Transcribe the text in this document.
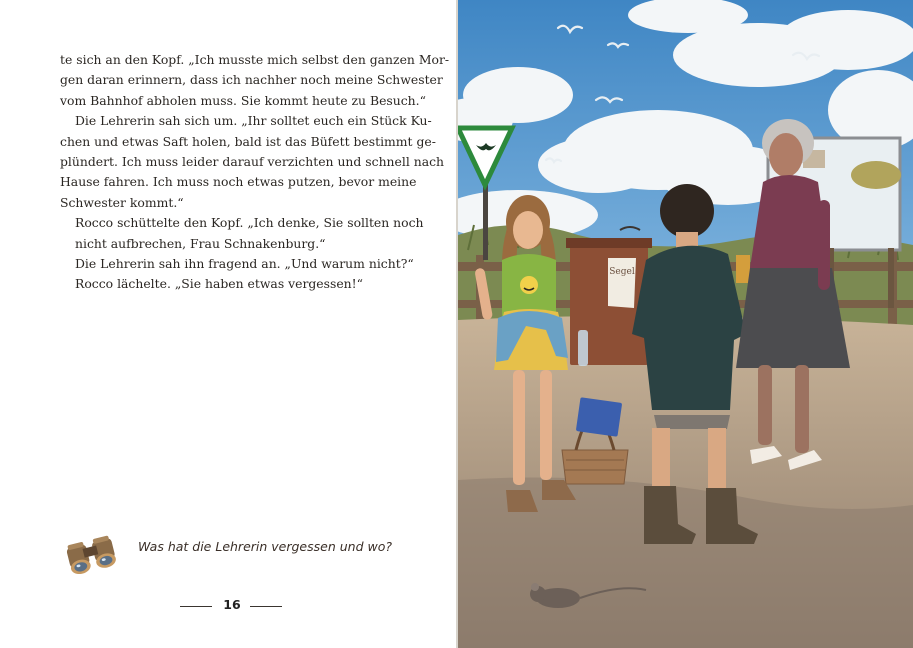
te sich an den Kopf. „Ich musste mich selbst den ganzen Mor-
gen daran erinnern, dass ich nachher noch meine Schwester
vom Bahnhof abholen muss. Sie kommt heute zu Besuch.“
Die Lehrerin sah sich um. „Ihr solltet euch ein Stück Ku-
chen und etwas Saft holen, bald ist das Büfett bestimmt ge-
plündert. Ich muss leider darauf verzichten und schnell nach
Hause fahren. Ich muss noch etwas putzen, bevor meine
Schwester kommt.“
Rocco schüttelte den Kopf. „Ich denke, Sie sollten noch
nicht aufbrechen, Frau Schnakenburg.“
Die Lehrerin sah ihn fragend an. „Und warum nicht?“
Rocco lächelte. „Sie haben etwas vergessen!“
Was hat die Lehrerin vergessen und wo?
16
Segel
